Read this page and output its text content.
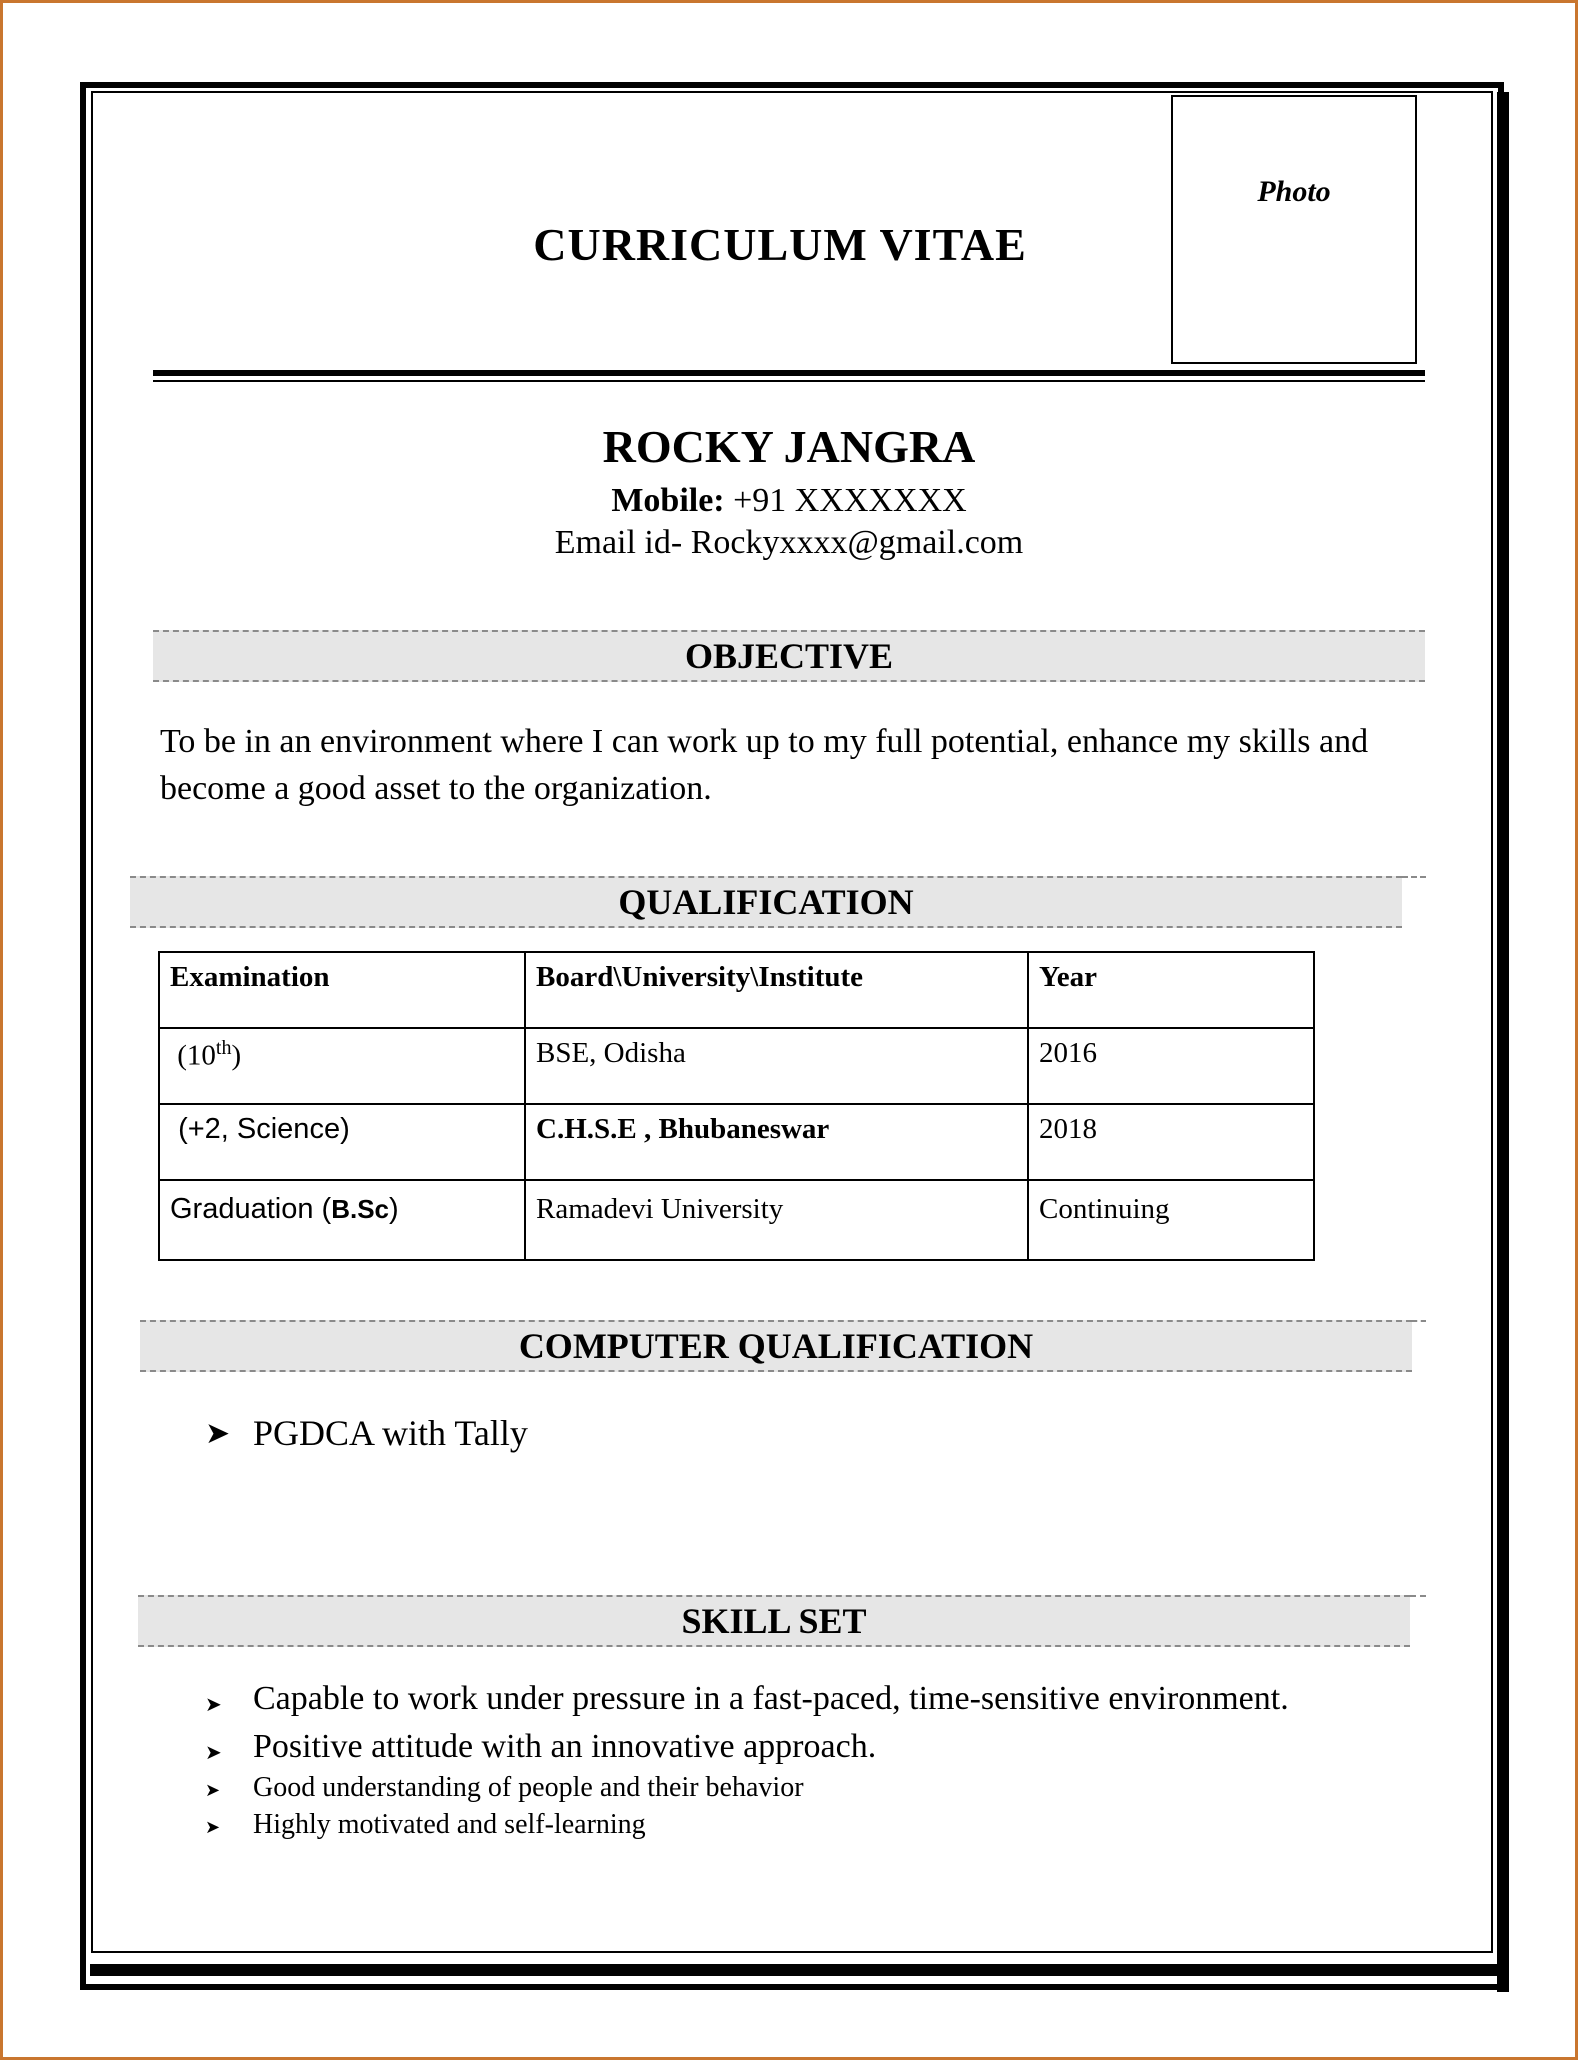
Photo
CURRICULUM VITAE
ROCKY JANGRA
Mobile: +91 XXXXXXX
Email id- Rockyxxxx@gmail.com
OBJECTIVE
To be in an environment where I can work up to my full potential, enhance my skills and become a good asset to the organization.
QUALIFICATION
Examination	Board\University\Institute	Year
(10th)	BSE, Odisha	2016
(+2, Science)	C.H.S.E , Bhubaneswar	2018
Graduation (B.Sc)	Ramadevi University	Continuing
COMPUTER QUALIFICATION
➤ PGDCA with Tally
SKILL SET
➤ Capable to work under pressure in a fast-paced, time-sensitive environment.
➤ Positive attitude with an innovative approach.
➤ Good understanding of people and their behavior
➤ Highly motivated and self-learning
